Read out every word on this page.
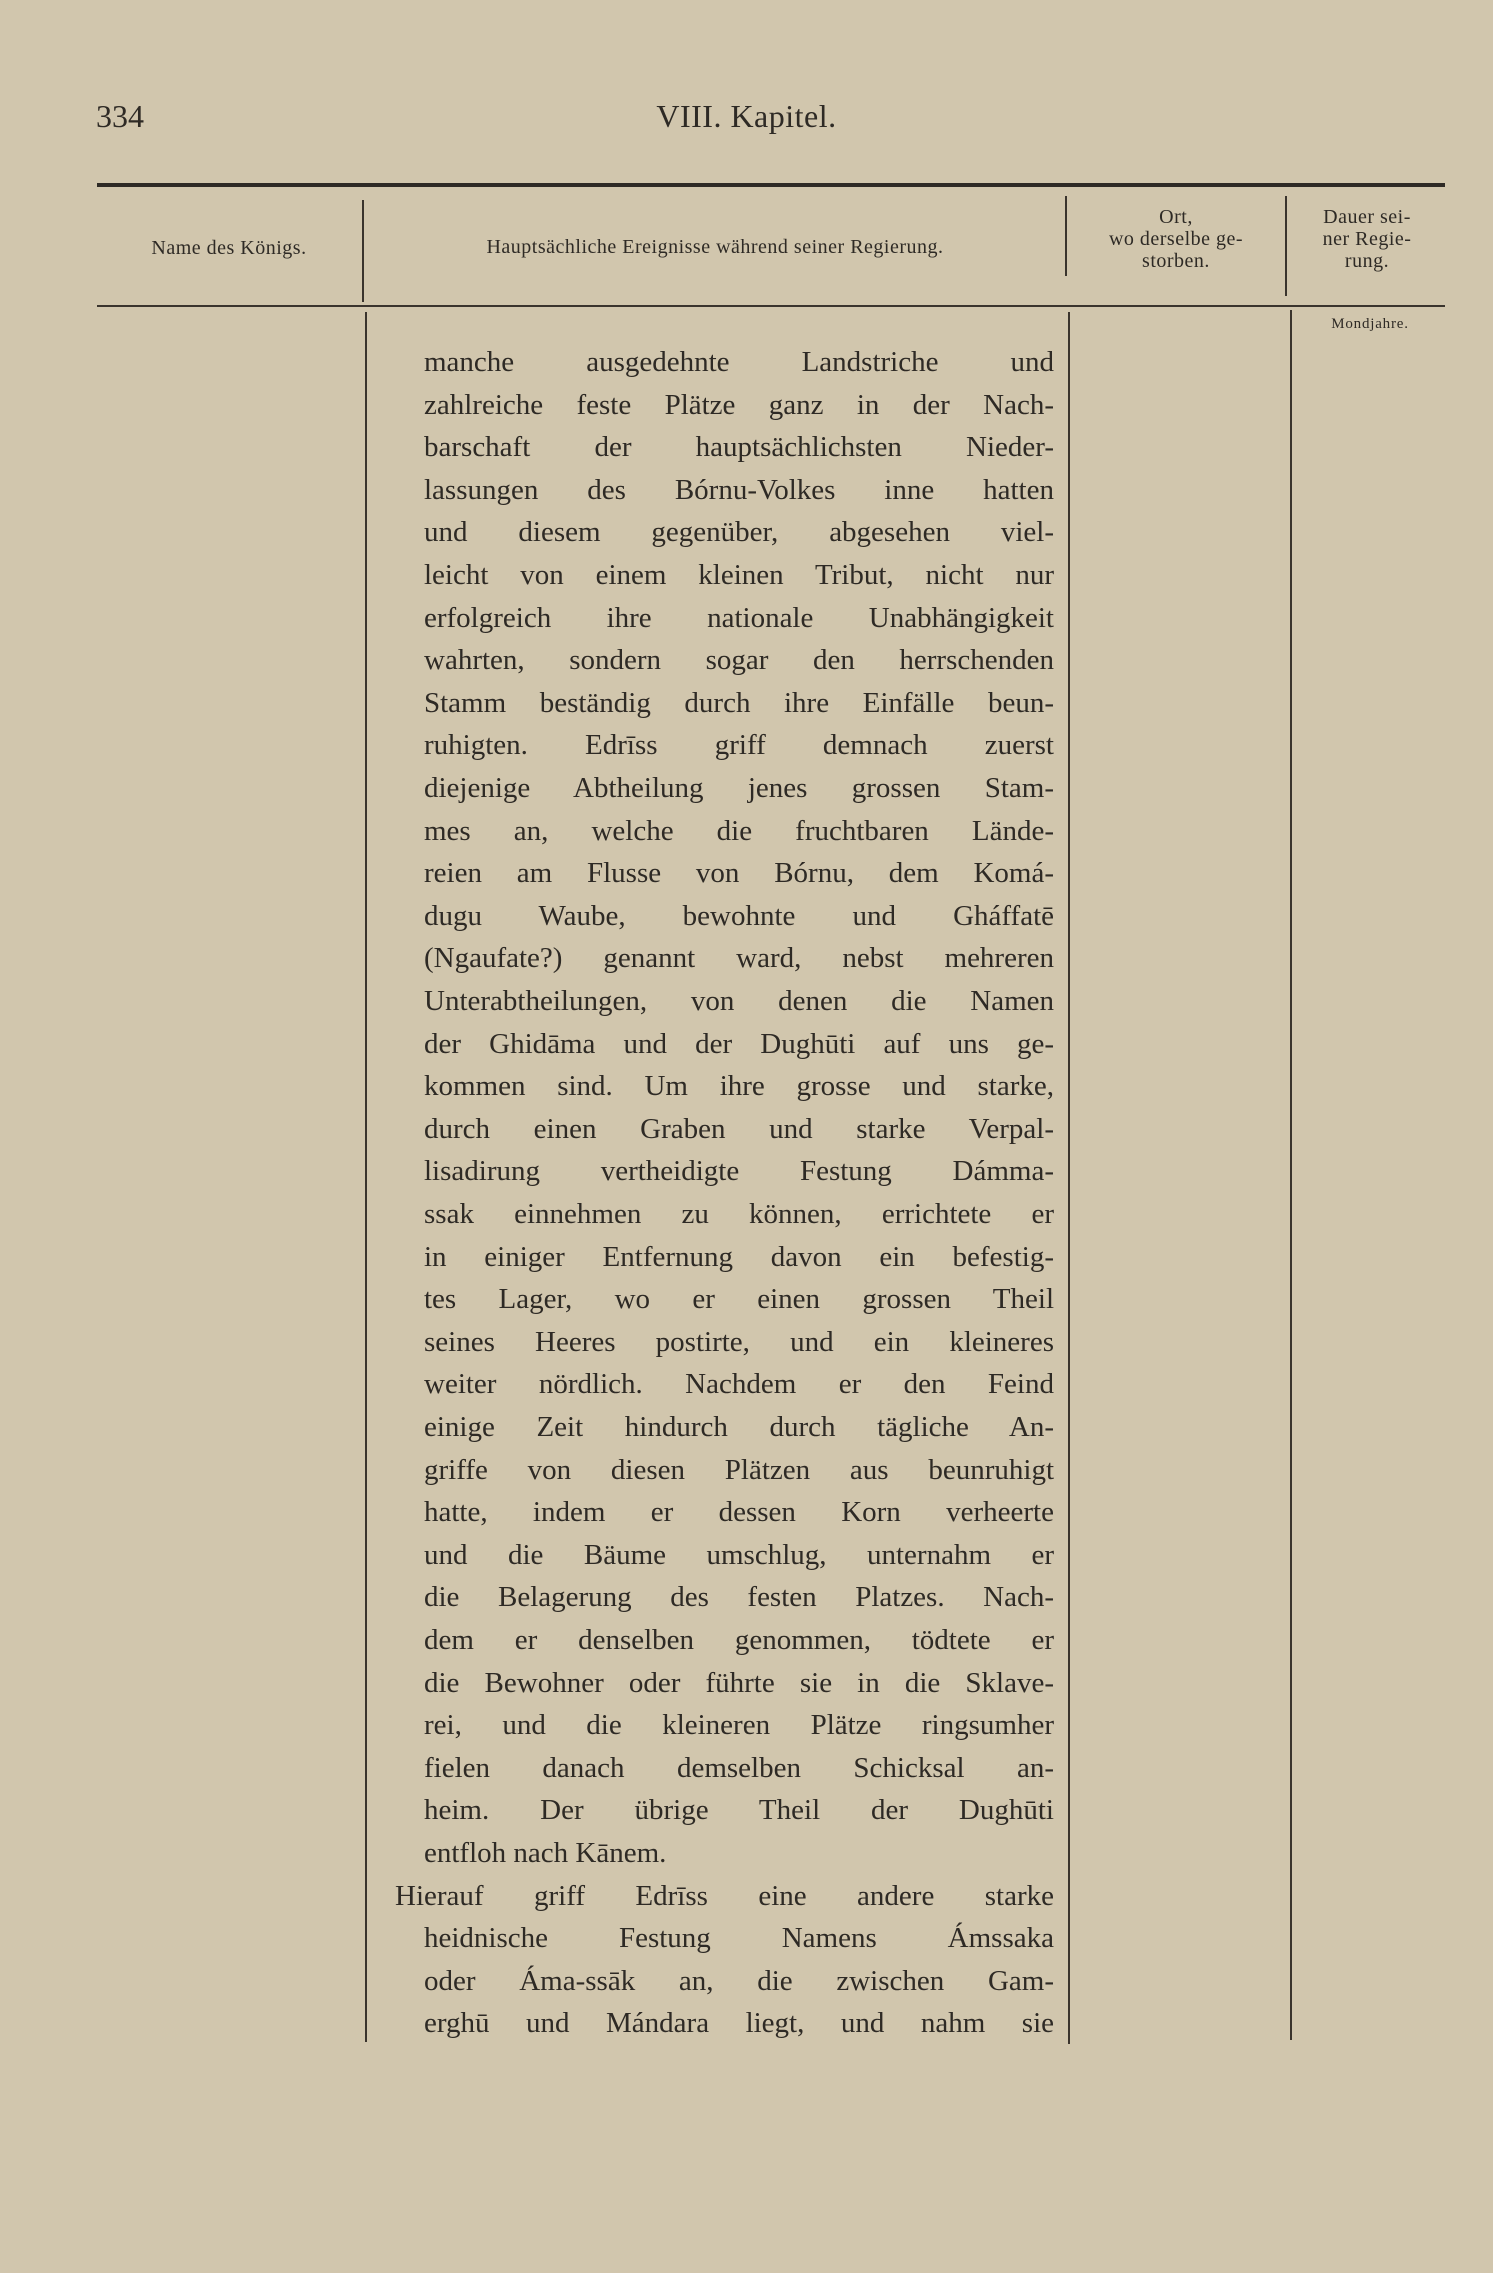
334	VIII. Kapitel.
Name des Königs.	Hauptsächliche Ereignisse während seiner Regierung.
Ort,
wo derselbe ge-
storben.
Dauer sei-
ner Regie-
rung.
Mondjahre.
manche ausgedehnte Landstriche und
zahlreiche feste Plätze ganz in der Nach-
barschaft der hauptsächlichsten Nieder-
lassungen des Bórnu-Volkes inne hatten
und diesem gegenüber, abgesehen viel-
leicht von einem kleinen Tribut, nicht nur
erfolgreich ihre nationale Unabhängigkeit
wahrten, sondern sogar den herrschenden
Stamm beständig durch ihre Einfälle beun-
ruhigten. Edrīss griff demnach zuerst
diejenige Abtheilung jenes grossen Stam-
mes an, welche die fruchtbaren Lände-
reien am Flusse von Bórnu, dem Komá-
dugu Waube, bewohnte und Gháffatē
(Ngaufate?) genannt ward, nebst mehreren
Unterabtheilungen, von denen die Namen
der Ghidāma und der Dughūti auf uns ge-
kommen sind. Um ihre grosse und starke,
durch einen Graben und starke Verpal-
lisadirung vertheidigte Festung Dámma-
ssak einnehmen zu können, errichtete er
in einiger Entfernung davon ein befestig-
tes Lager, wo er einen grossen Theil
seines Heeres postirte, und ein kleineres
weiter nördlich. Nachdem er den Feind
einige Zeit hindurch durch tägliche An-
griffe von diesen Plätzen aus beunruhigt
hatte, indem er dessen Korn verheerte
und die Bäume umschlug, unternahm er
die Belagerung des festen Platzes. Nach-
dem er denselben genommen, tödtete er
die Bewohner oder führte sie in die Sklave-
rei, und die kleineren Plätze ringsumher
fielen danach demselben Schicksal an-
heim. Der übrige Theil der Dughūti
entfloh nach Kānem.
Hierauf griff Edrīss eine andere starke
heidnische Festung Namens Ámssaka
oder Áma-ssāk an, die zwischen Gam-
erghū und Mándara liegt, und nahm sie
